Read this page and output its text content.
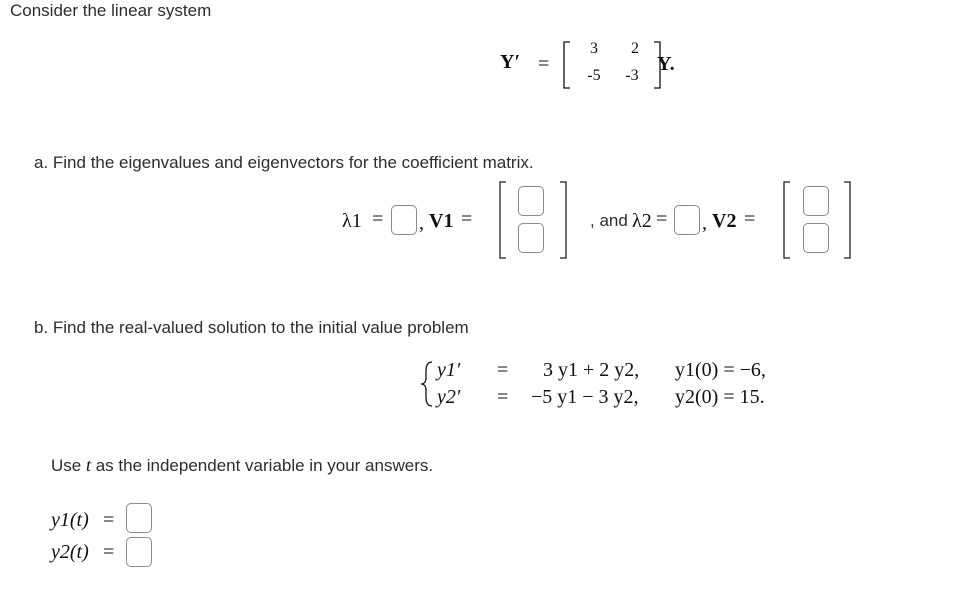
Consider the linear system
Y′ =
3	2
-5 -3
Y.
a. Find the eigenvalues and eigenvectors for the coefficient matrix.
λ1 = , V1 =	, and λ2 = , V2 =
b. Find the real-valued solution to the initial value problem
y1′ = 3 y1 + 2 y2, y1(0) = −6,
y2′ = −5 y1 − 3 y2, y2(0) = 15.
Use t as the independent variable in your answers.
y1(t) =
y2(t) =
